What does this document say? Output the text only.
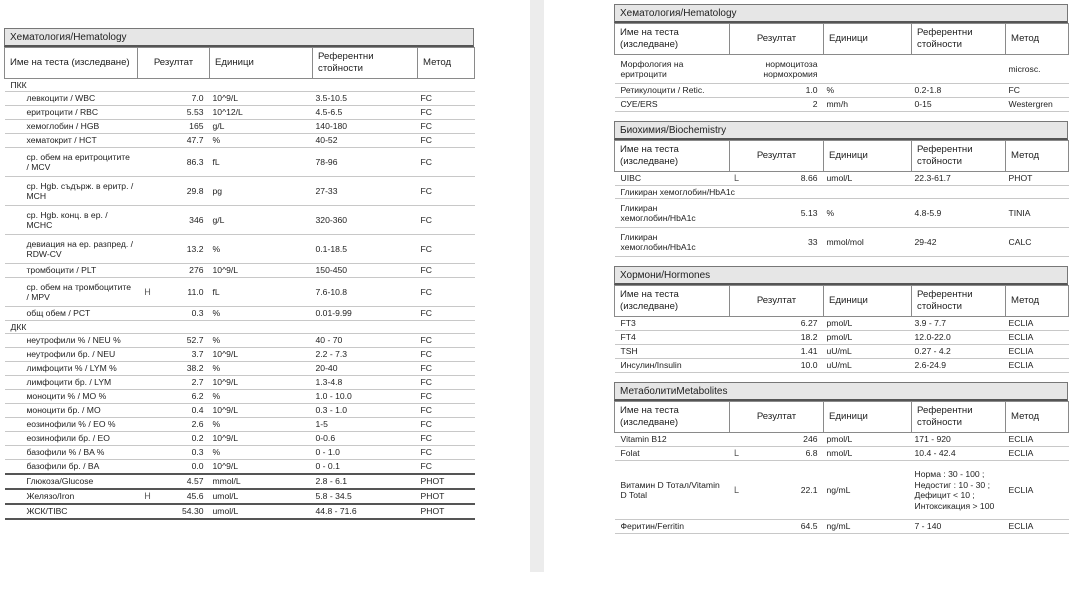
Хематология/Hematology
Име на теста (изследване)	Резултат		Единици	Референтни стойности	Метод
ПКК					
левкоцити / WBC		7.0	10^9/L	3.5-10.5	FC
еритроцити / RBC		5.53	10^12/L	4.5-6.5	FC
хемоглобин / HGB		165	g/L	140-180	FC
хематокрит / HCT		47.7	%	40-52	FC
ср. обем на еритроцитите / MCV		86.3	fL	78-96	FC
ср. Hgb. съдърж. в еритр. / MCH		29.8	pg	27-33	FC
ср. Hgb. конц. в ер. / MCHC		346	g/L	320-360	FC
девиация на ер. разпред. / RDW-CV		13.2	%	0.1-18.5	FC
тромбоцити / PLT		276	10^9/L	150-450	FC
ср. обем на тромбоцитите / MPV	H	11.0	fL	7.6-10.8	FC
общ обем / PCT		0.3	%	0.01-9.99	FC
ДКК					
неутрофили % / NEU %		52.7	%	40 - 70	FC
неутрофили бр. / NEU		3.7	10^9/L	2.2 - 7.3	FC
лимфоцити % / LYM %		38.2	%	20-40	FC
лимфоцити бр. / LYM		2.7	10^9/L	1.3-4.8	FC
моноцити % / MO %		6.2	%	1.0 - 10.0	FC
моноцити бр. / MO		0.4	10^9/L	0.3 - 1.0	FC
еозинофили % / EO %		2.6	%	1-5	FC
еозинофили бр. / EO		0.2	10^9/L	0-0.6	FC
базофили % / BA %		0.3	%	0 - 1.0	FC
базофили бр. / BA		0.0	10^9/L	0 - 0.1	FC
Глюкоза/Glucose		4.57	mmol/L	2.8 - 6.1	PHOT
Желязо/Iron	H	45.6	umol/L	5.8 - 34.5	PHOT
ЖСК/TIBC		54.30	umol/L	44.8 - 71.6	PHOT
Хематология/Hematology
Име на теста (изследване)	Резултат		Единици	Референтни стойности	Метод
Морфология на еритроцити		нормоцитоза нормохромия			microsc.
Ретикулоцити / Retic.		1.0	%	0.2-1.8	FC
СУЕ/ERS		2	mm/h	0-15	Westergren
Биохимия/Biochemistry
Име на теста (изследване)	Резултат		Единици	Референтни стойности	Метод
UIBC	L	8.66	umol/L	22.3-61.7	PHOT
Гликиран хемоглобин/HbA1c					
Гликиран хемоглобин/HbA1c		5.13	%	4.8-5.9	TINIA
Гликиран хемоглобин/HbA1c		33	mmol/mol	29-42	CALC
Хормони/Hormones
Име на теста (изследване)	Резултат		Единици	Референтни стойности	Метод
FT3		6.27	pmol/L	3.9 - 7.7	ECLIA
FT4		18.2	pmol/L	12.0-22.0	ECLIA
TSH		1.41	uU/mL	0.27 - 4.2	ECLIA
Инсулин/Insulin		10.0	uU/mL	2.6-24.9	ECLIA
МетаболитиMetabolites
Име на теста (изследване)	Резултат		Единици	Референтни стойности	Метод
Vitamin B12		246	pmol/L	171 - 920	ECLIA
Folat	L	6.8	nmol/L	10.4 - 42.4	ECLIA
Витамин D Тотал/Vitamin D Total	L	22.1	ng/mL	Норма : 30 - 100 ; Недостиг : 10 - 30 ; Дефицит < 10 ; Интоксикация > 100	ECLIA
Феритин/Ferritin		64.5	ng/mL	7 - 140	ECLIA
